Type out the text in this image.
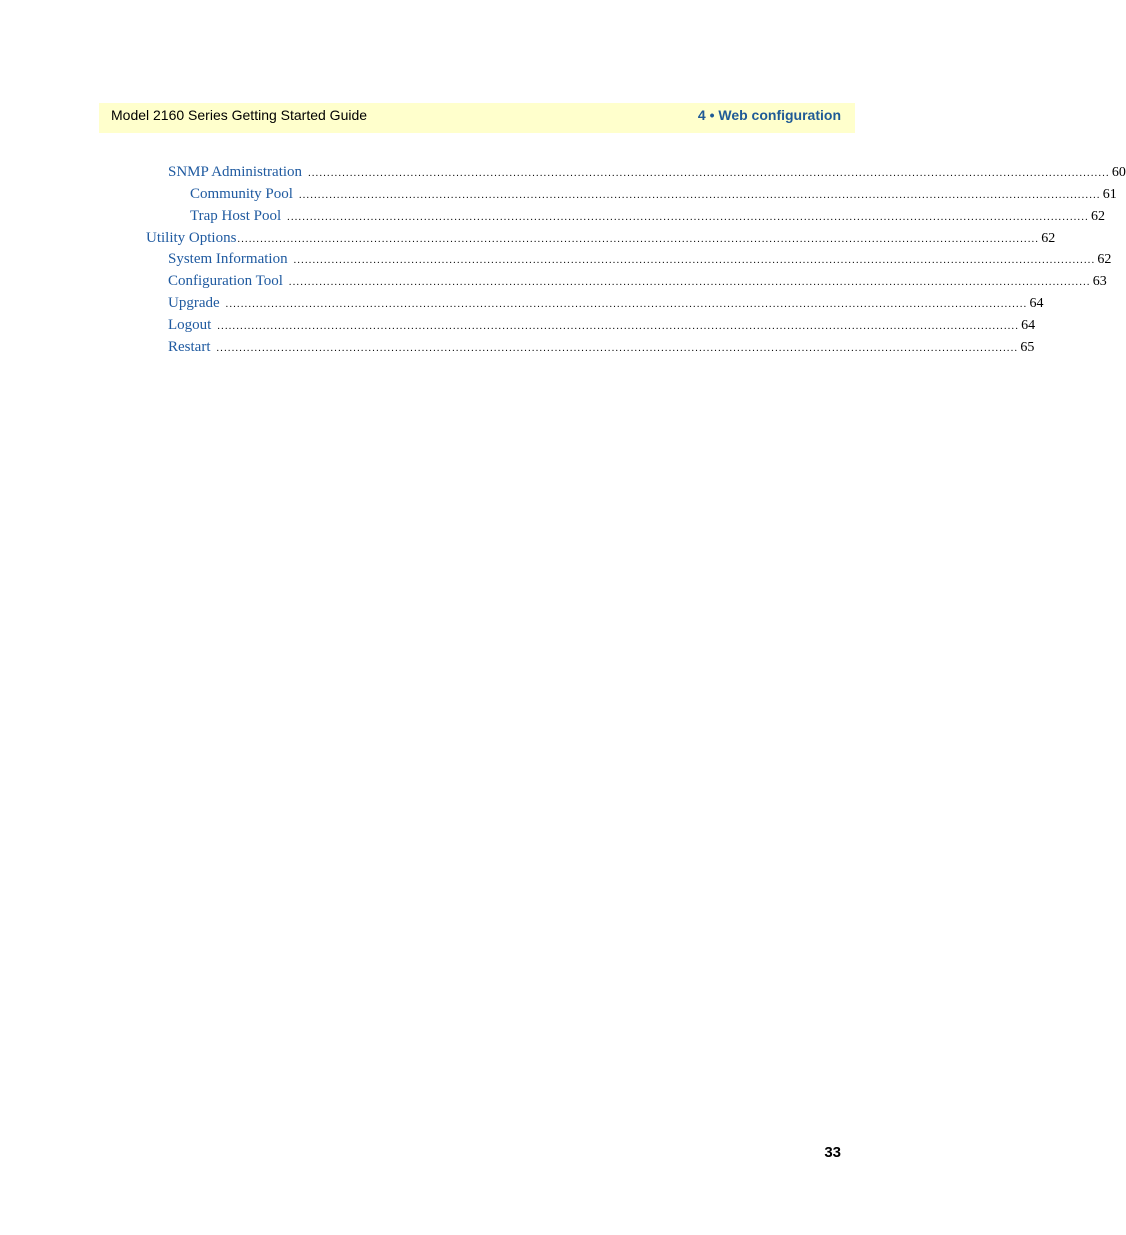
Model 2160 Series Getting Started Guide	4 • Web configuration
SNMP Administration ................................................................................................................................................................................................................... 60
Community Pool ................................................................................................................................................................................................................... 61
Trap Host Pool ................................................................................................................................................................................................................... 62
Utility Options ................................................................................................................................................................................................................... 62
System Information ................................................................................................................................................................................................................... 62
Configuration Tool ................................................................................................................................................................................................................... 63
Upgrade ................................................................................................................................................................................................................... 64
Logout ................................................................................................................................................................................................................... 64
Restart ................................................................................................................................................................................................................... 65
33
